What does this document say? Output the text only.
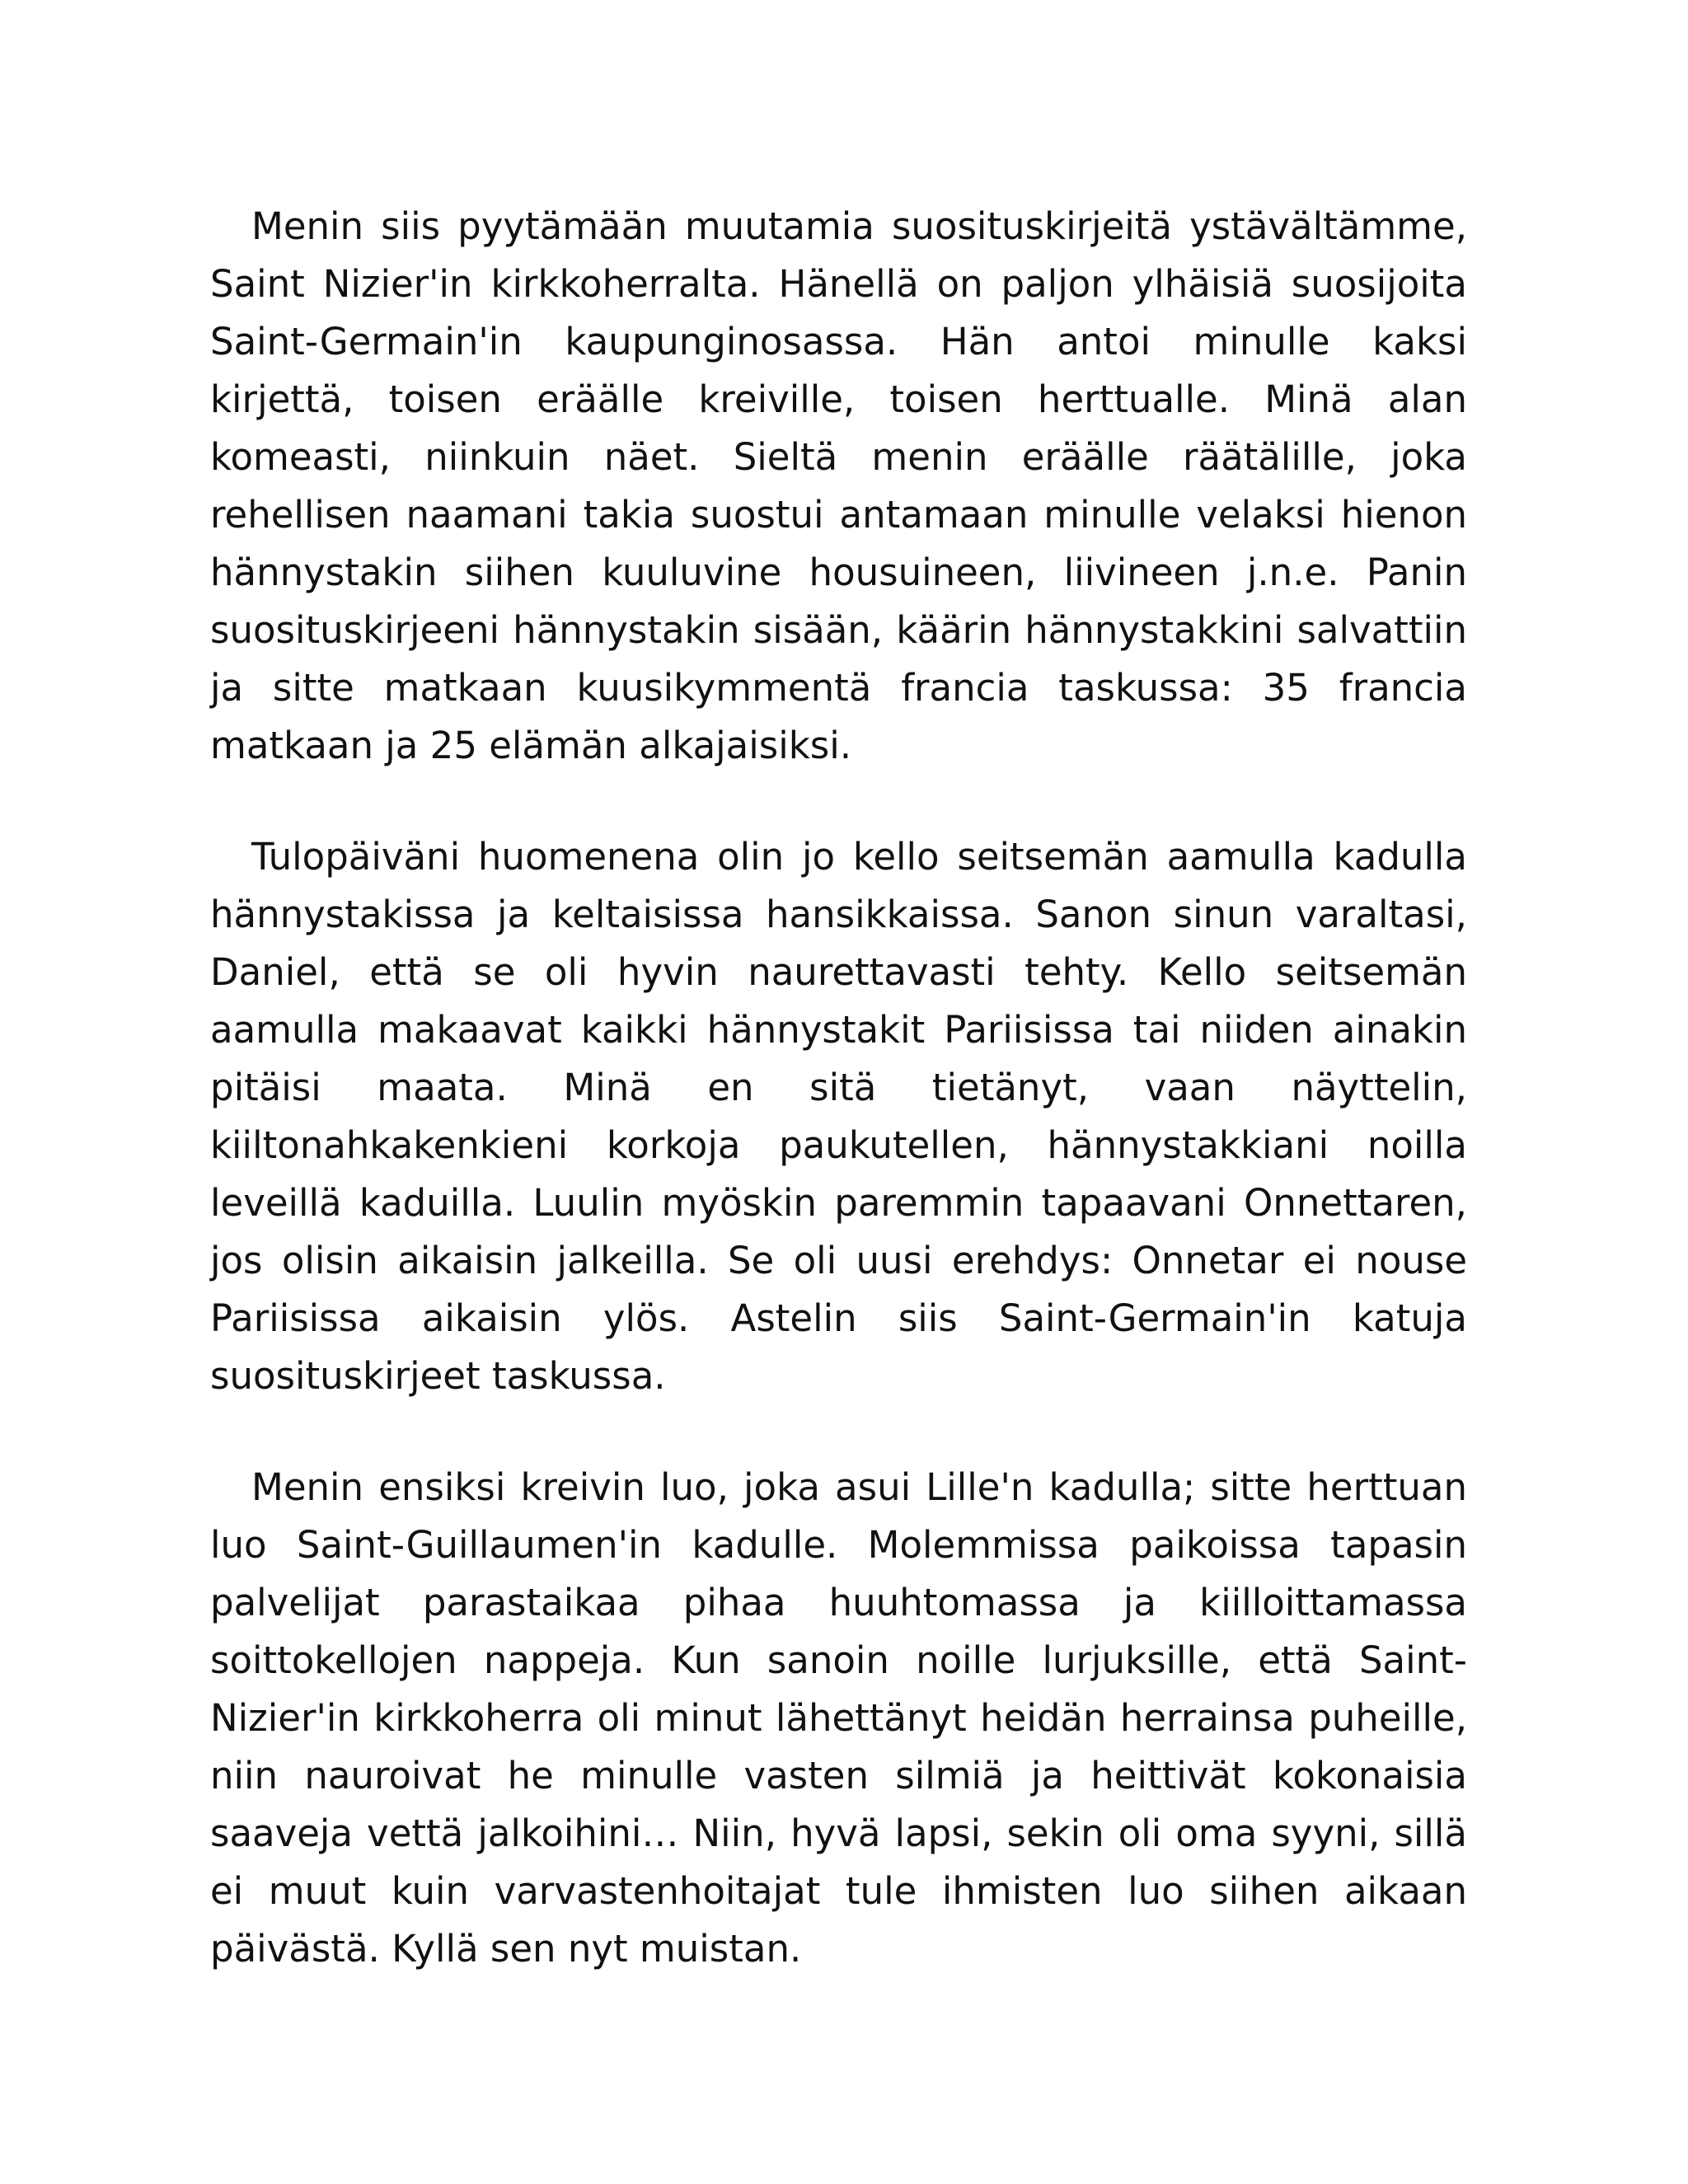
Menin siis pyytämään muutamia suosituskirjeitä ystävältämme, Saint Nizier'in kirkkoherralta. Hänellä on paljon ylhäisiä suosijoita Saint-Germain'in kaupunginosassa. Hän antoi minulle kaksi kirjettä, toisen eräälle kreiville, toisen herttualle. Minä alan komeasti, niinkuin näet. Sieltä menin eräälle räätälille, joka rehellisen naamani takia suostui antamaan minulle velaksi hienon hännystakin siihen kuuluvine housuineen, liivineen j.n.e. Panin suosituskirjeeni hännystakin sisään, käärin hännystakkini salvattiin ja sitte matkaan kuusikymmentä francia taskussa: 35 francia matkaan ja 25 elämän alkajaisiksi.

Tulopäiväni huomenena olin jo kello seitsemän aamulla kadulla hännystakissa ja keltaisissa hansikkaissa. Sanon sinun varaltasi, Daniel, että se oli hyvin naurettavasti tehty. Kello seitsemän aamulla makaavat kaikki hännystakit Pariisissa tai niiden ainakin pitäisi maata. Minä en sitä tietänyt, vaan näyttelin, kiiltonahkakenkieni korkoja paukutellen, hännystakkiani noilla leveillä kaduilla. Luulin myöskin paremmin tapaavani Onnettaren, jos olisin aikaisin jalkeilla. Se oli uusi erehdys: Onnetar ei nouse Pariisissa aikaisin ylös. Astelin siis Saint-Germain'in katuja suosituskirjeet taskussa.

Menin ensiksi kreivin luo, joka asui Lille'n kadulla; sitte herttuan luo Saint-Guillaumen'in kadulle. Molemmissa paikoissa tapasin palvelijat parastaikaa pihaa huuhtomassa ja kiilloittamassa soittokellojen nappeja. Kun sanoin noille lurjuksille, että Saint-Nizier'in kirkkoherra oli minut lähettänyt heidän herrainsa puheille, niin nauroivat he minulle vasten silmiä ja heittivät kokonaisia saaveja vettä jalkoihini… Niin, hyvä lapsi, sekin oli oma syyni, sillä ei muut kuin varvastenhoitajat tule ihmisten luo siihen aikaan päivästä. Kyllä sen nyt muistan.
